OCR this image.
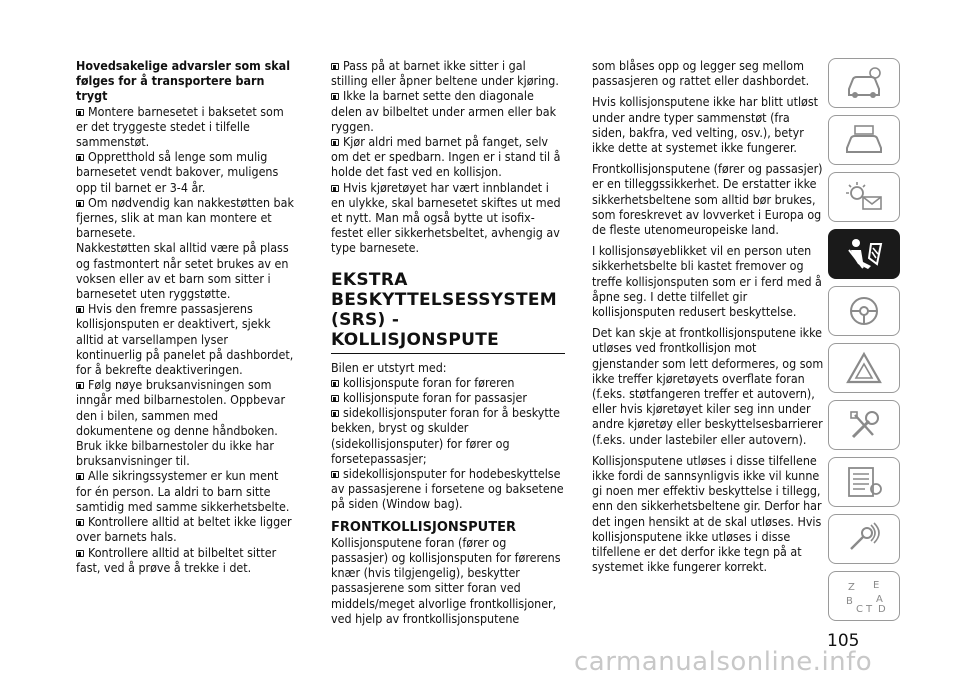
Hovedsakelige advarsler som skal følges for å transportere barn trygt

Montere barnesetet i baksetet som er det tryggeste stedet i tilfelle sammenstøt.

Oppretthold så lenge som mulig barnesetet vendt bakover, muligens opp til barnet er 3-4 år.

Om nødvendig kan nakkestøtten bak fjernes, slik at man kan montere et barnesete.

Nakkestøtten skal alltid være på plass og fastmontert når setet brukes av en voksen eller av et barn som sitter i barnesetet uten ryggstøtte.

Hvis den fremre passasjerens kollisjonsputen er deaktivert, sjekk alltid at varsellampen lyser kontinuerlig på panelet på dashbordet, for å bekrefte deaktiveringen.

Følg nøye bruksanvisningen som inngår med bilbarnestolen. Oppbevar den i bilen, sammen med dokumentene og denne håndboken. Bruk ikke bilbarnestoler du ikke har bruksanvisninger til.

Alle sikringssystemer er kun ment for én person. La aldri to barn sitte samtidig med samme sikkerhetsbelte.

Kontrollere alltid at beltet ikke ligger over barnets hals.

Kontrollere alltid at bilbeltet sitter fast, ved å prøve å trekke i det.

Pass på at barnet ikke sitter i gal stilling eller åpner beltene under kjøring.

Ikke la barnet sette den diagonale delen av bilbeltet under armen eller bak ryggen.

Kjør aldri med barnet på fanget, selv om det er spedbarn. Ingen er i stand til å holde det fast ved en kollisjon.

Hvis kjøretøyet har vært innblandet i en ulykke, skal barnesetet skiftes ut med et nytt. Man må også bytte ut isofix-festet eller sikkerhetsbeltet, avhengig av type barnesete.

EKSTRA
BESKYTTELSESSYSTEM
(SRS) - KOLLISJONSPUTE

Bilen er utstyrt med:

kollisjonspute foran for føreren

kollisjonspute foran for passasjer

sidekollisjonsputer foran for å beskytte bekken, bryst og skulder (sidekollisjonsputer) for fører og forsetepassasjer;

sidekollisjonsputer for hodebeskyttelse av passasjerene i forsetene og baksetene på siden (Window bag).

FRONTKOLLISJONSPUTER

Kollisjonsputene foran (fører og passasjer) og kollisjonsputen for førerens knær (hvis tilgjengelig), beskytter passasjerene som sitter foran ved middels/meget alvorlige frontkollisjoner, ved hjelp av frontkollisjonsputene

som blåses opp og legger seg mellom passasjeren og rattet eller dashbordet.

Hvis kollisjonsputene ikke har blitt utløst under andre typer sammenstøt (fra siden, bakfra, ved velting, osv.), betyr ikke dette at systemet ikke fungerer.

Frontkollisjonsputene (fører og passasjer) er en tilleggssikkerhet. De erstatter ikke sikkerhetsbeltene som alltid bør brukes, som foreskrevet av lovverket i Europa og de fleste utenomeuropeiske land.

I kollisjonsøyeblikket vil en person uten sikkerhetsbelte bli kastet fremover og treffe kollisjonsputen som er i ferd med å åpne seg. I dette tilfellet gir kollisjonsputen redusert beskyttelse.

Det kan skje at frontkollisjonsputene ikke utløses ved frontkollisjon mot gjenstander som lett deformeres, og som ikke treffer kjøretøyets overflate foran (f.eks. støtfangeren treffer et autovern), eller hvis kjøretøyet kiler seg inn under andre kjøretøy eller beskyttelsesbarrierer (f.eks. under lastebiler eller autovern).

Kollisjonsputene utløses i disse tilfellene ikke fordi de sannsynligvis ikke vil kunne gi noen mer effektiv beskyttelse i tillegg, enn den sikkerhetsbeltene gir. Derfor har det ingen hensikt at de skal utløses. Hvis kollisjonsputene ikke utløses i disse tilfellene er det derfor ikke tegn på at systemet ikke fungerer korrekt.

Z E
B A
C T D
105
carmanualsonline.info
